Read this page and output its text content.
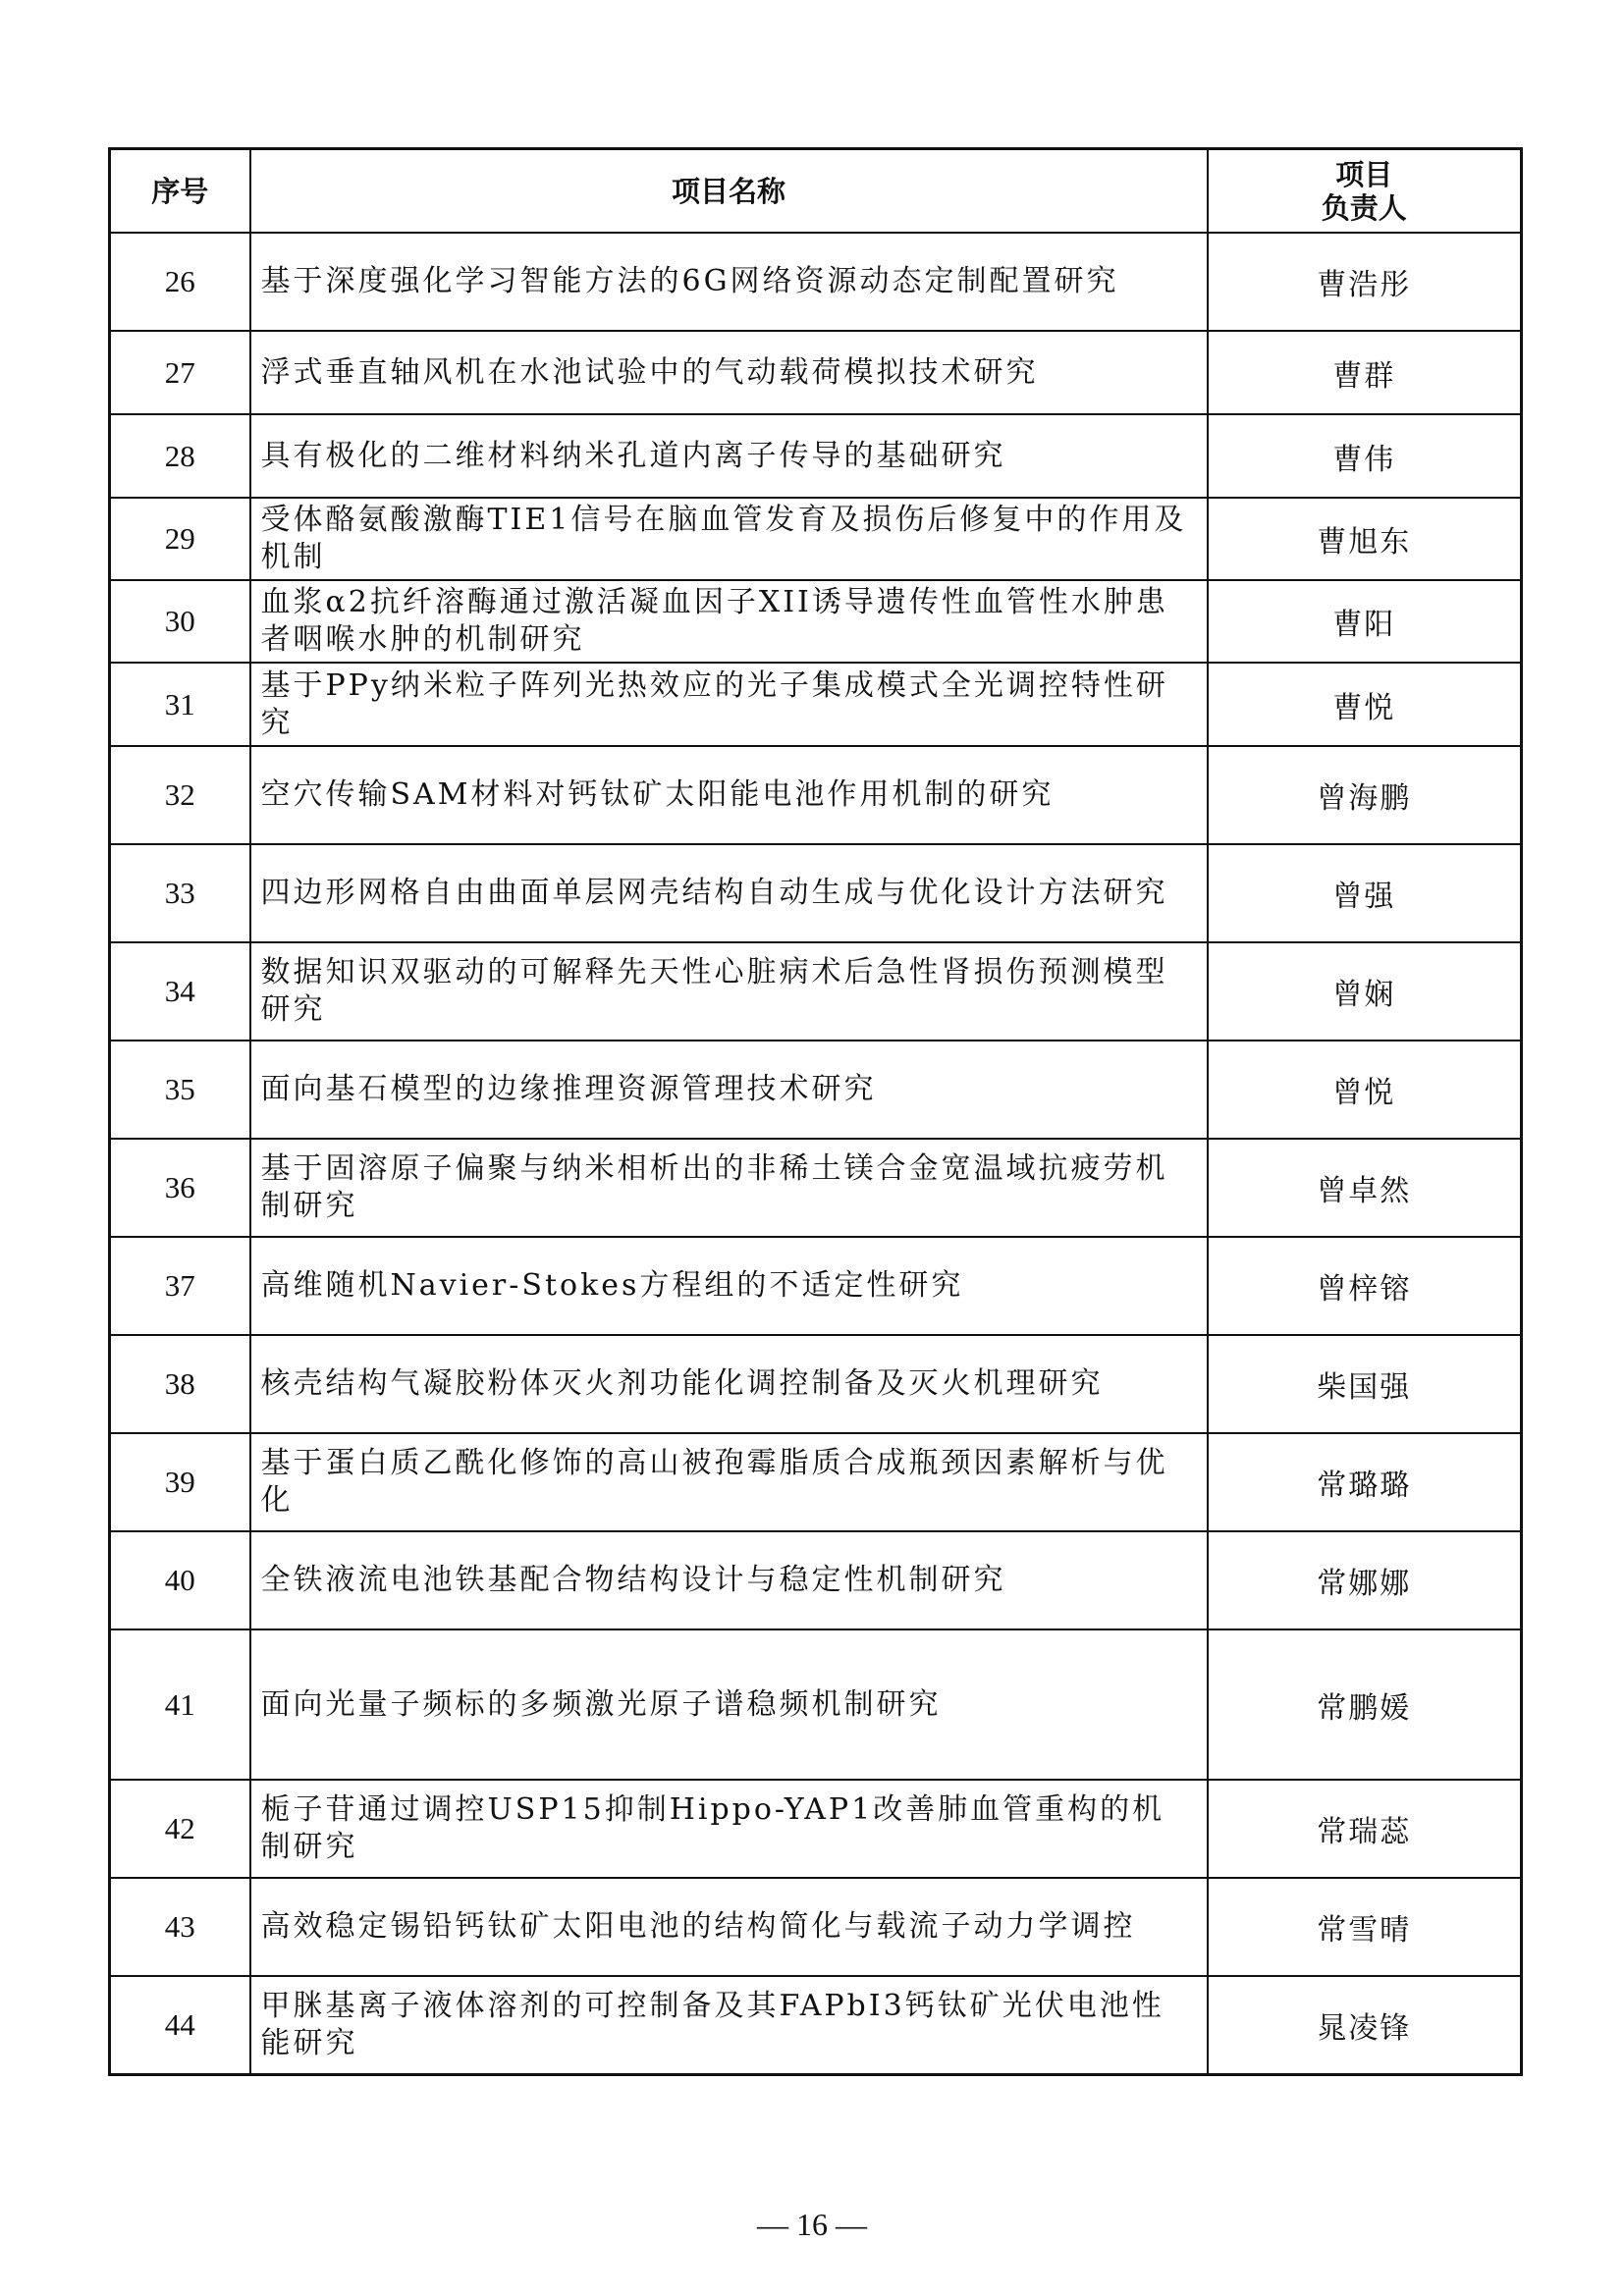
序号	项目名称	项目
负责人

26	基于深度强化学习智能方法的6G网络资源动态定制配置研究	曹浩彤
27	浮式垂直轴风机在水池试验中的气动载荷模拟技术研究	曹群
28	具有极化的二维材料纳米孔道内离子传导的基础研究	曹伟
29	受体酪氨酸激酶TIE1信号在脑血管发育及损伤后修复中的作用及机制	曹旭东
30	血浆α2抗纤溶酶通过激活凝血因子XII诱导遗传性血管性水肿患者咽喉水肿的机制研究	曹阳
31	基于PPy纳米粒子阵列光热效应的光子集成模式全光调控特性研究	曹悦
32	空穴传输SAM材料对钙钛矿太阳能电池作用机制的研究	曾海鹏
33	四边形网格自由曲面单层网壳结构自动生成与优化设计方法研究	曾强
34	数据知识双驱动的可解释先天性心脏病术后急性肾损伤预测模型研究	曾娴
35	面向基石模型的边缘推理资源管理技术研究	曾悦
36	基于固溶原子偏聚与纳米相析出的非稀土镁合金宽温域抗疲劳机制研究	曾卓然
37	高维随机Navier-Stokes方程组的不适定性研究	曾梓镕
38	核壳结构气凝胶粉体灭火剂功能化调控制备及灭火机理研究	柴国强
39	基于蛋白质乙酰化修饰的高山被孢霉脂质合成瓶颈因素解析与优化	常璐璐
40	全铁液流电池铁基配合物结构设计与稳定性机制研究	常娜娜
41	面向光量子频标的多频激光原子谱稳频机制研究	常鹏媛
42	栀子苷通过调控USP15抑制Hippo-YAP1改善肺血管重构的机制研究	常瑞蕊
43	高效稳定锡铅钙钛矿太阳电池的结构简化与载流子动力学调控	常雪晴
44	甲脒基离子液体溶剂的可控制备及其FAPbI3钙钛矿光伏电池性能研究	晁凌锋
— 16 —
